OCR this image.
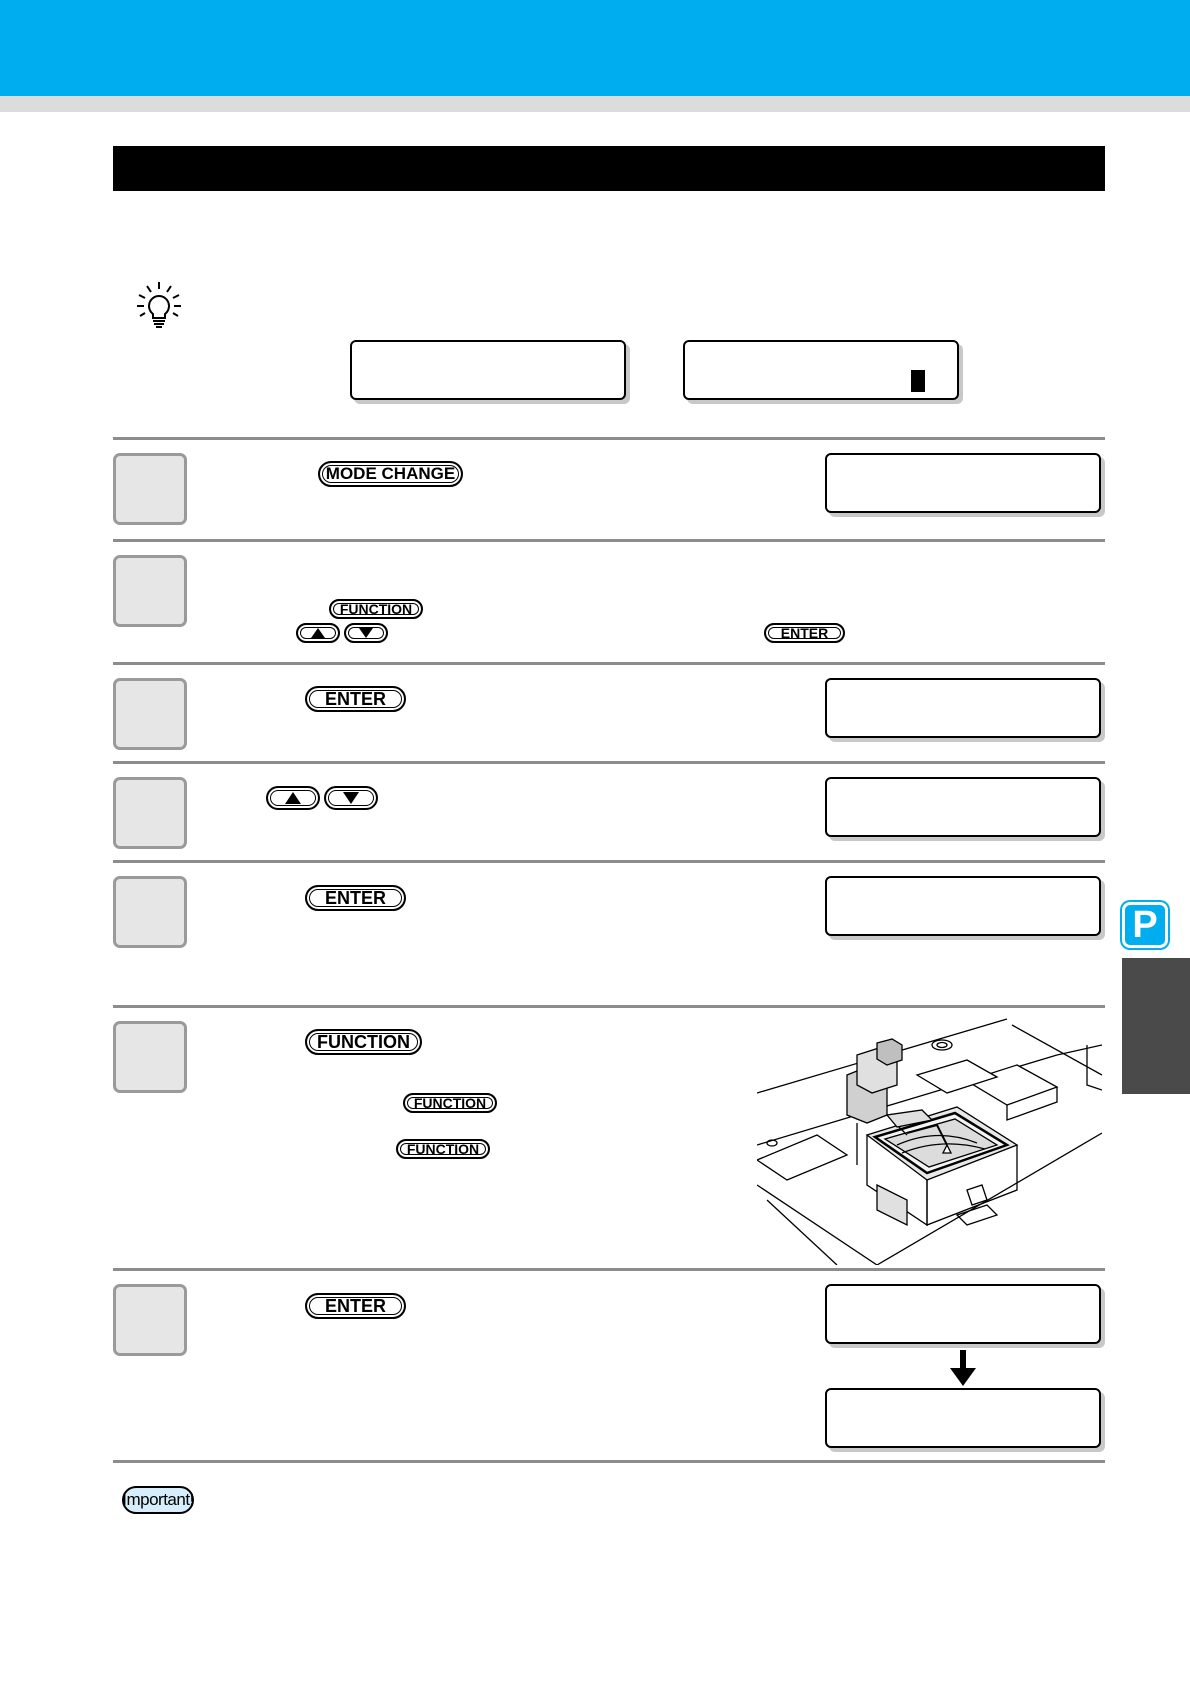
MODE CHANGE
FUNCTION
ENTER
ENTER
ENTER
FUNCTION
FUNCTION
FUNCTION
ENTER
Important!
P
